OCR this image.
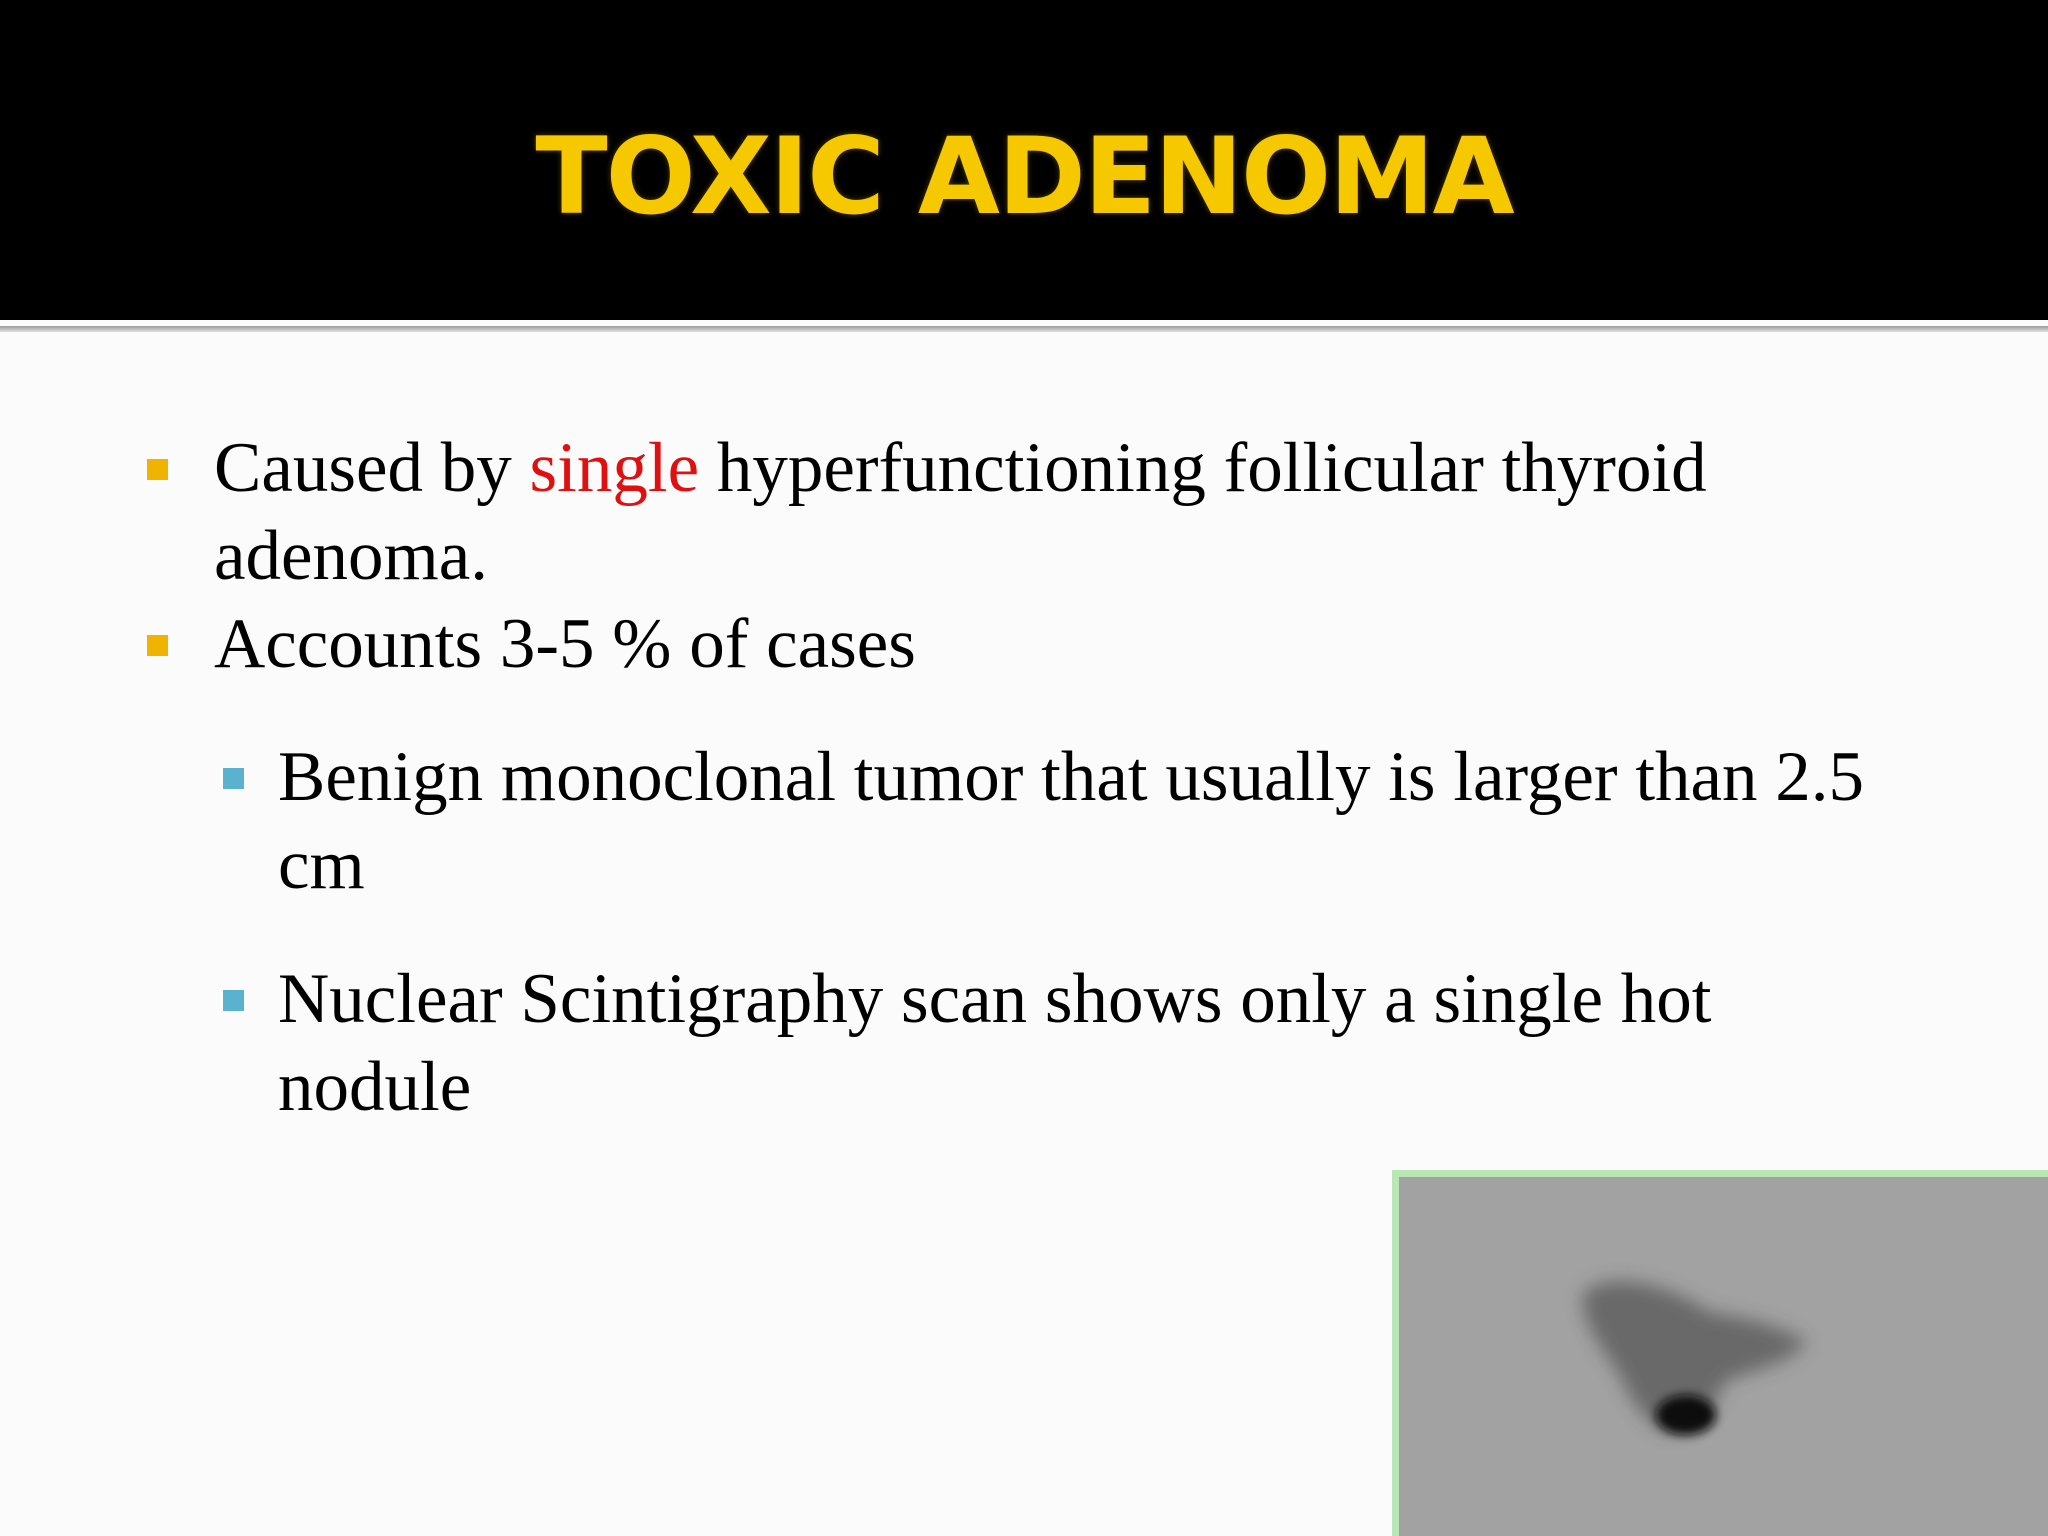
TOXIC ADENOMA
Caused by single hyperfunctioning follicular thyroid adenoma.
Accounts 3-5 % of cases
Benign monoclonal tumor that usually is larger than 2.5 cm
Nuclear Scintigraphy scan shows only a single hot nodule
